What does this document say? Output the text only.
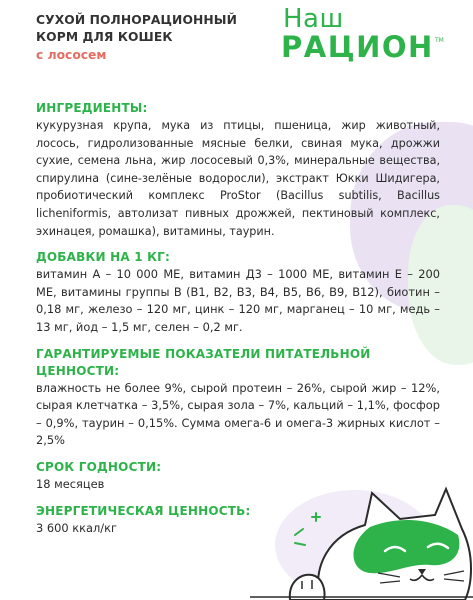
СУХОЙ ПОЛНОРАЦИОННЫЙ
КОРМ ДЛЯ КОШЕК
с лососем
Наш
РАЦИОН TM
ИНГРЕДИЕНТЫ:
кукурузная крупа, мука из птицы, пшеница, жир животный, лосось, гидролизованные мясные белки, свиная мука, дрожжи сухие, семена льна, жир лососевый 0,3%, минеральные вещества, спирулина (сине-зелёные водоросли), экстракт Юкки Шидигера, пробиотический комплекс ProStor (Bacillus subtilis, Bacillus licheniformis, автолизат пивных дрожжей, пектиновый комплекс, эхинацея, ромашка), витамины, таурин.
ДОБАВКИ НА 1 КГ:
витамин А – 10 000 МЕ, витамин Д3 – 1000 МЕ, витамин Е – 200 МЕ, витамины группы В (В1, В2, В3, В4, В5, В6, В9, В12), биотин – 0,18 мг, железо – 120 мг, цинк – 120 мг, марганец – 10 мг, медь – 13 мг, йод – 1,5 мг, селен – 0,2 мг.
ГАРАНТИРУЕМЫЕ ПОКАЗАТЕЛИ ПИТАТЕЛЬНОЙ ЦЕННОСТИ:
влажность не более 9%, сырой протеин – 26%, сырой жир – 12%, сырая клетчатка – 3,5%, сырая зола – 7%, кальций – 1,1%, фосфор – 0,9%, таурин – 0,15%. Сумма омега-6 и омега-3 жирных кислот – 2,5%
СРОК ГОДНОСТИ:
18 месяцев
ЭНЕРГЕТИЧЕСКАЯ ЦЕННОСТЬ:
3 600 ккал/кг
